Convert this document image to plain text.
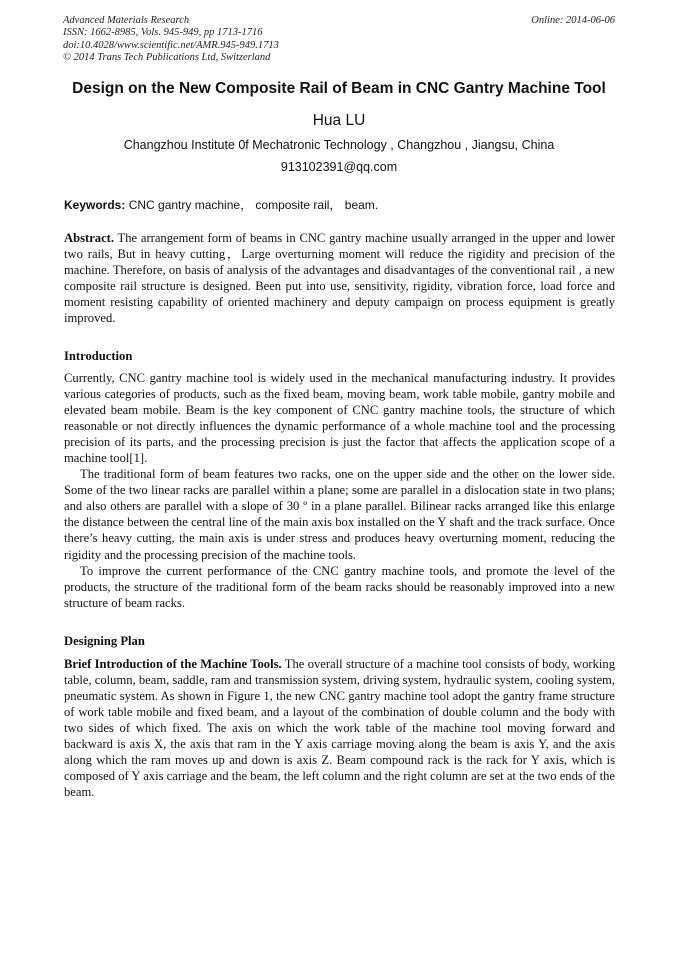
Advanced Materials Research
ISSN: 1662-8985, Vols. 945-949, pp 1713-1716
doi:10.4028/www.scientific.net/AMR.945-949.1713
© 2014 Trans Tech Publications Ltd, Switzerland
Online: 2014-06-06
Design on the New Composite Rail of Beam in CNC Gantry Machine Tool
Hua LU
Changzhou Institute 0f Mechatronic Technology , Changzhou , Jiangsu, China
913102391@qq.com
Keywords: CNC gantry machine， composite rail， beam.

Abstract. The arrangement form of beams in CNC gantry machine usually arranged in the upper and lower two rails, But in heavy cutting，Large overturning moment will reduce the rigidity and precision of the machine. Therefore, on basis of analysis of the advantages and disadvantages of the conventional rail , a new composite rail structure is designed. Been put into use, sensitivity, rigidity, vibration force, load force and moment resisting capability of oriented machinery and deputy campaign on process equipment is greatly improved.

Introduction

Currently, CNC gantry machine tool is widely used in the mechanical manufacturing industry. It provides various categories of products, such as the fixed beam, moving beam, work table mobile, gantry mobile and elevated beam mobile. Beam is the key component of CNC gantry machine tools, the structure of which reasonable or not directly influences the dynamic performance of a whole machine tool and the processing precision of its parts, and the processing precision is just the factor that affects the application scope of a machine tool[1].

The traditional form of beam features two racks, one on the upper side and the other on the lower side. Some of the two linear racks are parallel within a plane; some are parallel in a dislocation state in two plans; and also others are parallel with a slope of 30 º in a plane parallel. Bilinear racks arranged like this enlarge the distance between the central line of the main axis box installed on the Y shaft and the track surface. Once there’s heavy cutting, the main axis is under stress and produces heavy overturning moment, reducing the rigidity and the processing precision of the machine tools.

To improve the current performance of the CNC gantry machine tools, and promote the level of the products, the structure of the traditional form of the beam racks should be reasonably improved into a new structure of beam racks.

Designing Plan

Brief Introduction of the Machine Tools. The overall structure of a machine tool consists of body, working table, column, beam, saddle, ram and transmission system, driving system, hydraulic system, cooling system, pneumatic system. As shown in Figure 1, the new CNC gantry machine tool adopt the gantry frame structure of work table mobile and fixed beam, and a layout of the combination of double column and the body with two sides of which fixed. The axis on which the work table of the machine tool moving forward and backward is axis X, the axis that ram in the Y axis carriage moving along the beam is axis Y, and the axis along which the ram moves up and down is axis Z. Beam compound rack is the rack for Y axis, which is composed of Y axis carriage and the beam, the left column and the right column are set at the two ends of the beam.
